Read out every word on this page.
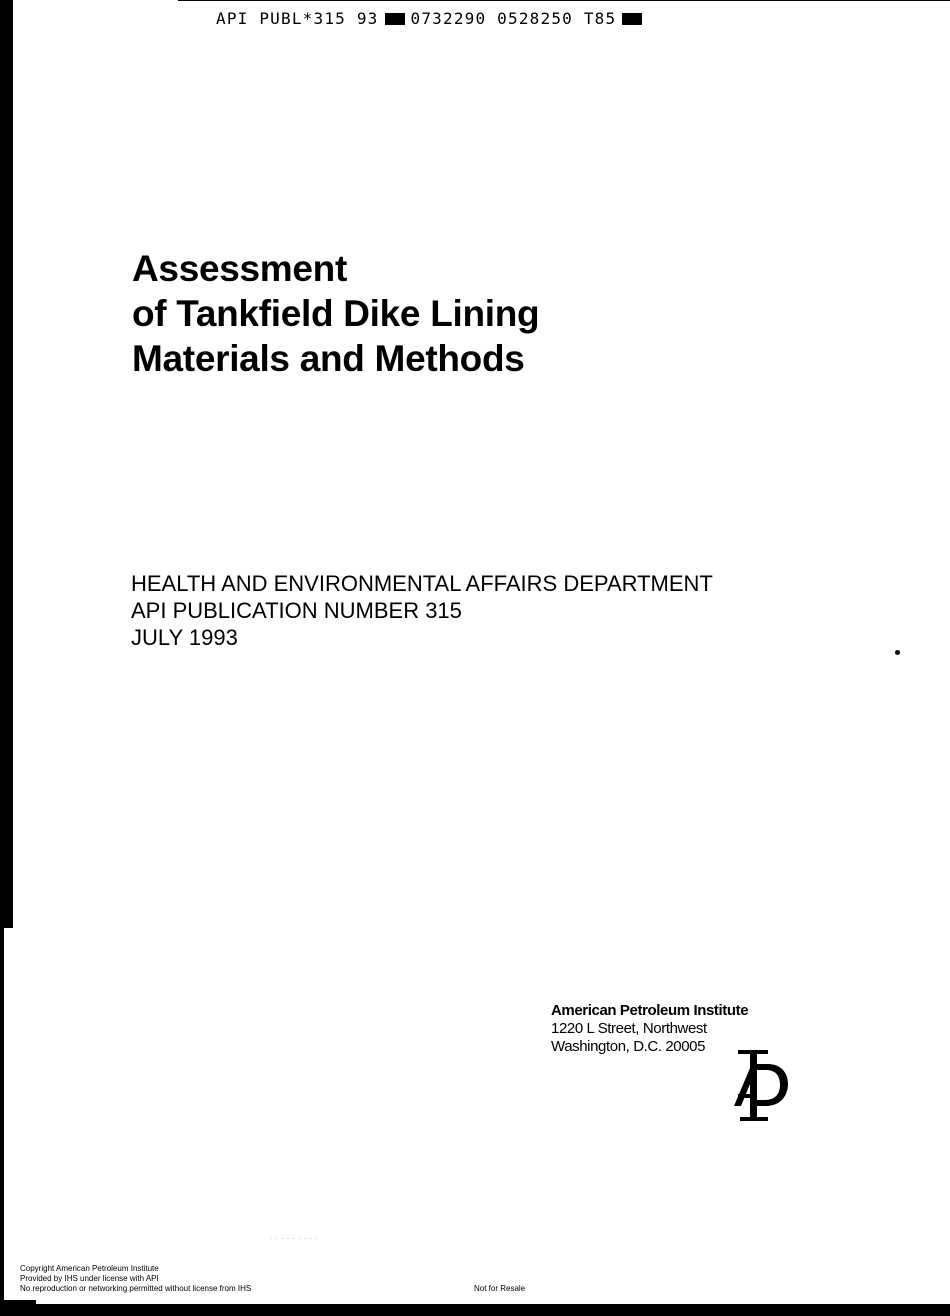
API PUBL*315 93 0732290 0528250 T85
Assessment
of Tankfield Dike Lining
Materials and Methods
HEALTH AND ENVIRONMENTAL AFFAIRS DEPARTMENT
API PUBLICATION NUMBER 315
JULY 1993
American Petroleum Institute
1220 L Street, Northwest
Washington, D.C. 20005
· · · · · · · · ·
Copyright American Petroleum Institute
Provided by IHS under license with API
No reproduction or networking permitted without license from IHS	Not for Resale
